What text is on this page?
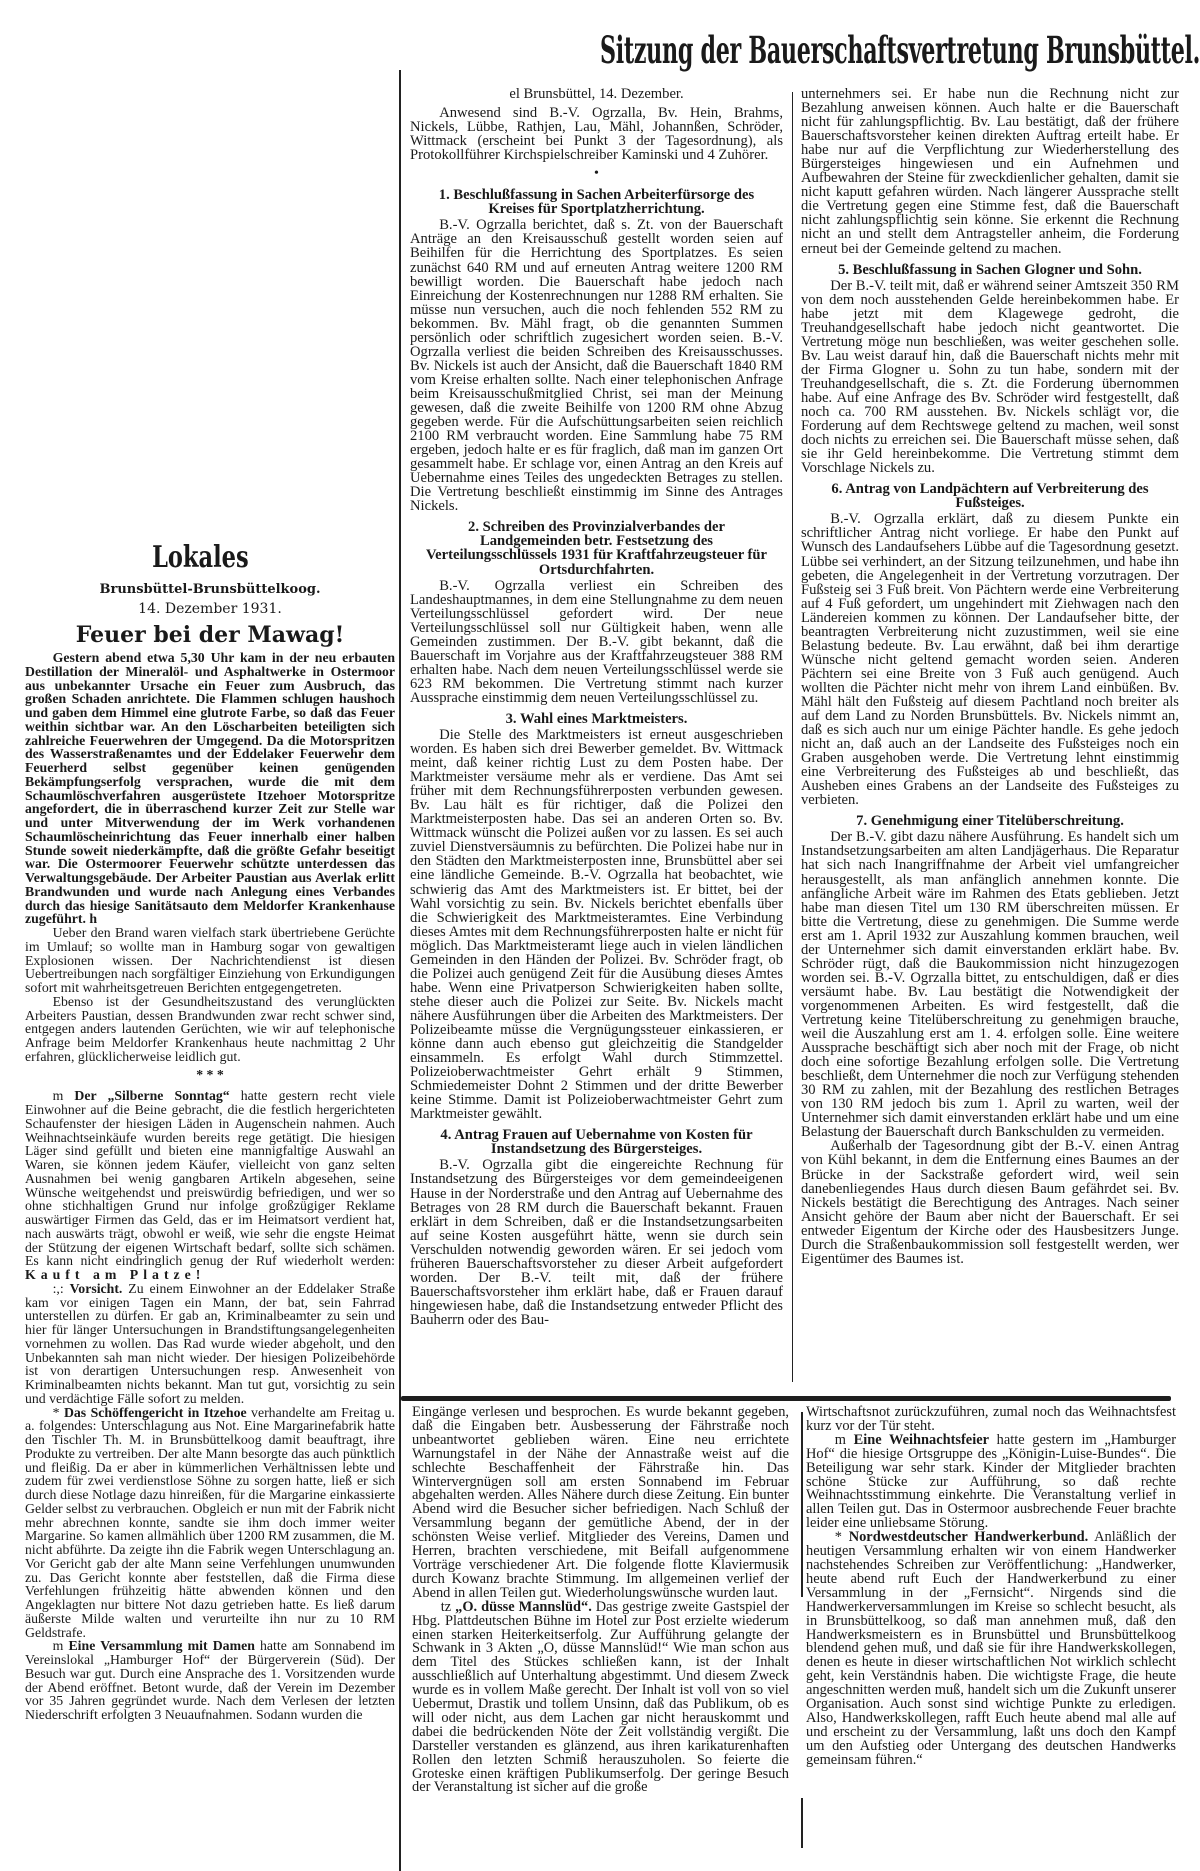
Sitzung der Bauerschaftsvertretung Brunsbüttel.
Lokales
Brunsbüttel-Brunsbüttelkoog.
14. Dezember 1931.
Feuer bei der Mawag!
Gestern abend etwa 5,30 Uhr kam in der neu erbauten Destillation der Mineralöl- und Asphaltwerke in Ostermoor aus unbekannter Ursache ein Feuer zum Ausbruch, das großen Schaden anrichtete. Die Flammen schlugen haushoch und gaben dem Himmel eine glutrote Farbe, so daß das Feuer weithin sichtbar war. An den Löscharbeiten beteiligten sich zahlreiche Feuerwehren der Umgegend. Da die Motorspritzen des Wasserstraßenamtes und der Eddelaker Feuerwehr dem Feuerherd selbst gegenüber keinen genügenden Bekämpfungserfolg versprachen, wurde die mit dem Schaumlöschverfahren ausgerüstete Itzehoer Motorspritze angefordert, die in überraschend kurzer Zeit zur Stelle war und unter Mitverwendung der im Werk vorhandenen Schaumlöscheinrichtung das Feuer innerhalb einer halben Stunde soweit niederkämpfte, daß die größte Gefahr beseitigt war. Die Ostermoorer Feuerwehr schützte unterdessen das Verwaltungsgebäude. Der Arbeiter Paustian aus Averlak erlitt Brandwunden und wurde nach Anlegung eines Verbandes durch das hiesige Sanitätsauto dem Meldorfer Krankenhause zugeführt. h
Ueber den Brand waren vielfach stark übertriebene Gerüchte im Umlauf; so wollte man in Hamburg sogar von gewaltigen Explosionen wissen. Der Nachrichtendienst ist diesen Uebertreibungen nach sorgfältiger Einziehung von Erkundigungen sofort mit wahrheitsgetreuen Berichten entgegengetreten.
Ebenso ist der Gesundheitszustand des verunglückten Arbeiters Paustian, dessen Brandwunden zwar recht schwer sind, entgegen anders lautenden Gerüchten, wie wir auf telephonische Anfrage beim Meldorfer Krankenhaus heute nachmittag 2 Uhr erfahren, glücklicherweise leidlich gut.
* * *
m Der „Silberne Sonntag“ hatte gestern recht viele Einwohner auf die Beine gebracht, die die festlich hergerichteten Schaufenster der hiesigen Läden in Augenschein nahmen. Auch Weihnachtseinkäufe wurden bereits rege getätigt. Die hiesigen Läger sind gefüllt und bieten eine mannigfaltige Auswahl an Waren, sie können jedem Käufer, vielleicht von ganz selten Ausnahmen bei wenig gangbaren Artikeln abgesehen, seine Wünsche weitgehendst und preiswürdig befriedigen, und wer so ohne stichhaltigen Grund nur infolge großzügiger Reklame auswärtiger Firmen das Geld, das er im Heimatsort verdient hat, nach auswärts trägt, obwohl er weiß, wie sehr die engste Heimat der Stützung der eigenen Wirtschaft bedarf, sollte sich schämen. Es kann nicht eindringlich genug der Ruf wiederholt werden: Kauft am Platze!
:,: Vorsicht. Zu einem Einwohner an der Eddelaker Straße kam vor einigen Tagen ein Mann, der bat, sein Fahrrad unterstellen zu dürfen. Er gab an, Kriminalbeamter zu sein und hier für länger Untersuchungen in Brandstiftungsangelegenheiten vornehmen zu wollen. Das Rad wurde wieder abgeholt, und den Unbekannten sah man nicht wieder. Der hiesigen Polizeibehörde ist von derartigen Untersuchungen resp. Anwesenheit von Kriminalbeamten nichts bekannt. Man tut gut, vorsichtig zu sein und verdächtige Fälle sofort zu melden.
* Das Schöffengericht in Itzehoe verhandelte am Freitag u. a. folgendes: Unterschlagung aus Not. Eine Margarinefabrik hatte den Tischler Th. M. in Brunsbüttelkoog damit beauftragt, ihre Produkte zu vertreiben. Der alte Mann besorgte das auch pünktlich und fleißig. Da er aber in kümmerlichen Verhältnissen lebte und zudem für zwei verdienstlose Söhne zu sorgen hatte, ließ er sich durch diese Notlage dazu hinreißen, für die Margarine einkassierte Gelder selbst zu verbrauchen. Obgleich er nun mit der Fabrik nicht mehr abrechnen konnte, sandte sie ihm doch immer weiter Margarine. So kamen allmählich über 1200 RM zusammen, die M. nicht abführte. Da zeigte ihn die Fabrik wegen Unterschlagung an. Vor Gericht gab der alte Mann seine Verfehlungen unumwunden zu. Das Gericht konnte aber feststellen, daß die Firma diese Verfehlungen frühzeitig hätte abwenden können und den Angeklagten nur bittere Not dazu getrieben hatte. Es ließ darum äußerste Milde walten und verurteilte ihn nur zu 10 RM Geldstrafe.
m Eine Versammlung mit Damen hatte am Sonnabend im Vereinslokal „Hamburger Hof“ der Bürgerverein (Süd). Der Besuch war gut. Durch eine Ansprache des 1. Vorsitzenden wurde der Abend eröffnet. Betont wurde, daß der Verein im Dezember vor 35 Jahren gegründet wurde. Nach dem Verlesen der letzten Niederschrift erfolgten 3 Neuaufnahmen. Sodann wurden die
el Brunsbüttel, 14. Dezember.
Anwesend sind B.-V. Ogrzalla, Bv. Hein, Brahms, Nickels, Lübbe, Rathjen, Lau, Mähl, Johannßen, Schröder, Wittmack (erscheint bei Punkt 3 der Tagesordnung), als Protokollführer Kirchspielschreiber Kaminski und 4 Zuhörer.
•
1. Beschlußfassung in Sachen Arbeiterfürsorge des Kreises für Sportplatzherrichtung.
B.-V. Ogrzalla berichtet, daß s. Zt. von der Bauerschaft Anträge an den Kreisausschuß gestellt worden seien auf Beihilfen für die Herrichtung des Sportplatzes. Es seien zunächst 640 RM und auf erneuten Antrag weitere 1200 RM bewilligt worden. Die Bauerschaft habe jedoch nach Einreichung der Kostenrechnungen nur 1288 RM erhalten. Sie müsse nun versuchen, auch die noch fehlenden 552 RM zu bekommen. Bv. Mähl fragt, ob die genannten Summen persönlich oder schriftlich zugesichert worden seien. B.-V. Ogrzalla verliest die beiden Schreiben des Kreisausschusses. Bv. Nickels ist auch der Ansicht, daß die Bauerschaft 1840 RM vom Kreise erhalten sollte. Nach einer telephonischen Anfrage beim Kreisausschußmitglied Christ, sei man der Meinung gewesen, daß die zweite Beihilfe von 1200 RM ohne Abzug gegeben werde. Für die Aufschüttungsarbeiten seien reichlich 2100 RM verbraucht worden. Eine Sammlung habe 75 RM ergeben, jedoch halte er es für fraglich, daß man im ganzen Ort gesammelt habe. Er schlage vor, einen Antrag an den Kreis auf Uebernahme eines Teiles des ungedeckten Betrages zu stellen. Die Vertretung beschließt einstimmig im Sinne des Antrages Nickels.
2. Schreiben des Provinzialverbandes der Landgemeinden betr. Festsetzung des Verteilungsschlüssels 1931 für Kraftfahrzeugsteuer für Ortsdurchfahrten.
B.-V. Ogrzalla verliest ein Schreiben des Landeshauptmannes, in dem eine Stellungnahme zu dem neuen Verteilungsschlüssel gefordert wird. Der neue Verteilungsschlüssel soll nur Gültigkeit haben, wenn alle Gemeinden zustimmen. Der B.-V. gibt bekannt, daß die Bauerschaft im Vorjahre aus der Kraftfahrzeugsteuer 388 RM erhalten habe. Nach dem neuen Verteilungsschlüssel werde sie 623 RM bekommen. Die Vertretung stimmt nach kurzer Aussprache einstimmig dem neuen Verteilungsschlüssel zu.
3. Wahl eines Marktmeisters.
Die Stelle des Marktmeisters ist erneut ausgeschrieben worden. Es haben sich drei Bewerber gemeldet. Bv. Wittmack meint, daß keiner richtig Lust zu dem Posten habe. Der Marktmeister versäume mehr als er verdiene. Das Amt sei früher mit dem Rechnungsführerposten verbunden gewesen. Bv. Lau hält es für richtiger, daß die Polizei den Marktmeisterposten habe. Das sei an anderen Orten so. Bv. Wittmack wünscht die Polizei außen vor zu lassen. Es sei auch zuviel Dienstversäumnis zu befürchten. Die Polizei habe nur in den Städten den Marktmeisterposten inne, Brunsbüttel aber sei eine ländliche Gemeinde. B.-V. Ogrzalla hat beobachtet, wie schwierig das Amt des Marktmeisters ist. Er bittet, bei der Wahl vorsichtig zu sein. Bv. Nickels berichtet ebenfalls über die Schwierigkeit des Marktmeisteramtes. Eine Verbindung dieses Amtes mit dem Rechnungsführerposten halte er nicht für möglich. Das Marktmeisteramt liege auch in vielen ländlichen Gemeinden in den Händen der Polizei. Bv. Schröder fragt, ob die Polizei auch genügend Zeit für die Ausübung dieses Amtes habe. Wenn eine Privatperson Schwierigkeiten haben sollte, stehe dieser auch die Polizei zur Seite. Bv. Nickels macht nähere Ausführungen über die Arbeiten des Marktmeisters. Der Polizeibeamte müsse die Vergnügungssteuer einkassieren, er könne dann auch ebenso gut gleichzeitig die Standgelder einsammeln. Es erfolgt Wahl durch Stimmzettel. Polizeioberwachtmeister Gehrt erhält 9 Stimmen, Schmiedemeister Dohnt 2 Stimmen und der dritte Bewerber keine Stimme. Damit ist Polizeioberwachtmeister Gehrt zum Marktmeister gewählt.
4. Antrag Frauen auf Uebernahme von Kosten für Instandsetzung des Bürgersteiges.
B.-V. Ogrzalla gibt die eingereichte Rechnung für Instandsetzung des Bürgersteiges vor dem gemeindeeigenen Hause in der Norderstraße und den Antrag auf Uebernahme des Betrages von 28 RM durch die Bauerschaft bekannt. Frauen erklärt in dem Schreiben, daß er die Instandsetzungsarbeiten auf seine Kosten ausgeführt hätte, wenn sie durch sein Verschulden notwendig geworden wären. Er sei jedoch vom früheren Bauerschaftsvorsteher zu dieser Arbeit aufgefordert worden. Der B.-V. teilt mit, daß der frühere Bauerschaftsvorsteher ihm erklärt habe, daß er Frauen darauf hingewiesen habe, daß die Instandsetzung entweder Pflicht des Bauherrn oder des Bau-
unternehmers sei. Er habe nun die Rechnung nicht zur Bezahlung anweisen können. Auch halte er die Bauerschaft nicht für zahlungspflichtig. Bv. Lau bestätigt, daß der frühere Bauerschaftsvorsteher keinen direkten Auftrag erteilt habe. Er habe nur auf die Verpflichtung zur Wiederherstellung des Bürgersteiges hingewiesen und ein Aufnehmen und Aufbewahren der Steine für zweckdienlicher gehalten, damit sie nicht kaputt gefahren würden. Nach längerer Aussprache stellt die Vertretung gegen eine Stimme fest, daß die Bauerschaft nicht zahlungspflichtig sein könne. Sie erkennt die Rechnung nicht an und stellt dem Antragsteller anheim, die Forderung erneut bei der Gemeinde geltend zu machen.
5. Beschlußfassung in Sachen Glogner und Sohn.
Der B.-V. teilt mit, daß er während seiner Amtszeit 350 RM von dem noch ausstehenden Gelde hereinbekommen habe. Er habe jetzt mit dem Klagewege gedroht, die Treuhandgesellschaft habe jedoch nicht geantwortet. Die Vertretung möge nun beschließen, was weiter geschehen solle. Bv. Lau weist darauf hin, daß die Bauerschaft nichts mehr mit der Firma Glogner u. Sohn zu tun habe, sondern mit der Treuhandgesellschaft, die s. Zt. die Forderung übernommen habe. Auf eine Anfrage des Bv. Schröder wird festgestellt, daß noch ca. 700 RM ausstehen. Bv. Nickels schlägt vor, die Forderung auf dem Rechtswege geltend zu machen, weil sonst doch nichts zu erreichen sei. Die Bauerschaft müsse sehen, daß sie ihr Geld hereinbekomme. Die Vertretung stimmt dem Vorschlage Nickels zu.
6. Antrag von Landpächtern auf Verbreiterung des Fußsteiges.
B.-V. Ogrzalla erklärt, daß zu diesem Punkte ein schriftlicher Antrag nicht vorliege. Er habe den Punkt auf Wunsch des Landaufsehers Lübbe auf die Tagesordnung gesetzt. Lübbe sei verhindert, an der Sitzung teilzunehmen, und habe ihn gebeten, die Angelegenheit in der Vertretung vorzutragen. Der Fußsteig sei 3 Fuß breit. Von Pächtern werde eine Verbreiterung auf 4 Fuß gefordert, um ungehindert mit Ziehwagen nach den Ländereien kommen zu können. Der Landaufseher bitte, der beantragten Verbreiterung nicht zuzustimmen, weil sie eine Belastung bedeute. Bv. Lau erwähnt, daß bei ihm derartige Wünsche nicht geltend gemacht worden seien. Anderen Pächtern sei eine Breite von 3 Fuß auch genügend. Auch wollten die Pächter nicht mehr von ihrem Land einbüßen. Bv. Mähl hält den Fußsteig auf diesem Pachtland noch breiter als auf dem Land zu Norden Brunsbüttels. Bv. Nickels nimmt an, daß es sich auch nur um einige Pächter handle. Es gehe jedoch nicht an, daß auch an der Landseite des Fußsteiges noch ein Graben ausgehoben werde. Die Vertretung lehnt einstimmig eine Verbreiterung des Fußsteiges ab und beschließt, das Ausheben eines Grabens an der Landseite des Fußsteiges zu verbieten.
7. Genehmigung einer Titelüberschreitung.
Der B.-V. gibt dazu nähere Ausführung. Es handelt sich um Instandsetzungsarbeiten am alten Landjägerhaus. Die Reparatur hat sich nach Inangriffnahme der Arbeit viel umfangreicher herausgestellt, als man anfänglich annehmen konnte. Die anfängliche Arbeit wäre im Rahmen des Etats geblieben. Jetzt habe man diesen Titel um 130 RM überschreiten müssen. Er bitte die Vertretung, diese zu genehmigen. Die Summe werde erst am 1. April 1932 zur Auszahlung kommen brauchen, weil der Unternehmer sich damit einverstanden erklärt habe. Bv. Schröder rügt, daß die Baukommission nicht hinzugezogen worden sei. B.-V. Ogrzalla bittet, zu entschuldigen, daß er dies versäumt habe. Bv. Lau bestätigt die Notwendigkeit der vorgenommenen Arbeiten. Es wird festgestellt, daß die Vertretung keine Titelüberschreitung zu genehmigen brauche, weil die Auszahlung erst am 1. 4. erfolgen solle. Eine weitere Aussprache beschäftigt sich aber noch mit der Frage, ob nicht doch eine sofortige Bezahlung erfolgen solle. Die Vertretung beschließt, dem Unternehmer die noch zur Verfügung stehenden 30 RM zu zahlen, mit der Bezahlung des restlichen Betrages von 130 RM jedoch bis zum 1. April zu warten, weil der Unternehmer sich damit einverstanden erklärt habe und um eine Belastung der Bauerschaft durch Bankschulden zu vermeiden.
Außerhalb der Tagesordnung gibt der B.-V. einen Antrag von Kühl bekannt, in dem die Entfernung eines Baumes an der Brücke in der Sackstraße gefordert wird, weil sein danebenliegendes Haus durch diesen Baum gefährdet sei. Bv. Nickels bestätigt die Berechtigung des Antrages. Nach seiner Ansicht gehöre der Baum aber nicht der Bauerschaft. Er sei entweder Eigentum der Kirche oder des Hausbesitzers Junge. Durch die Straßenbaukommission soll festgestellt werden, wer Eigentümer des Baumes ist.
Eingänge verlesen und besprochen. Es wurde bekannt gegeben, daß die Eingaben betr. Ausbesserung der Fährstraße noch unbeantwortet geblieben wären. Eine neu errichtete Warnungstafel in der Nähe der Annastraße weist auf die schlechte Beschaffenheit der Fährstraße hin. Das Wintervergnügen soll am ersten Sonnabend im Februar abgehalten werden. Alles Nähere durch diese Zeitung. Ein bunter Abend wird die Besucher sicher befriedigen. Nach Schluß der Versammlung begann der gemütliche Abend, der in der schönsten Weise verlief. Mitglieder des Vereins, Damen und Herren, brachten verschiedene, mit Beifall aufgenommene Vorträge verschiedener Art. Die folgende flotte Klaviermusik durch Kowanz brachte Stimmung. Im allgemeinen verlief der Abend in allen Teilen gut. Wiederholungswünsche wurden laut.
tz „O. düsse Mannslüd“. Das gestrige zweite Gastspiel der Hbg. Plattdeutschen Bühne im Hotel zur Post erzielte wiederum einen starken Heiterkeitserfolg. Zur Aufführung gelangte der Schwank in 3 Akten „O, düsse Mannslüd!“ Wie man schon aus dem Titel des Stückes schließen kann, ist der Inhalt ausschließlich auf Unterhaltung abgestimmt. Und diesem Zweck wurde es in vollem Maße gerecht. Der Inhalt ist voll von so viel Uebermut, Drastik und tollem Unsinn, daß das Publikum, ob es will oder nicht, aus dem Lachen gar nicht herauskommt und dabei die bedrückenden Nöte der Zeit vollständig vergißt. Die Darsteller verstanden es glänzend, aus ihren karikaturenhaften Rollen den letzten Schmiß herauszuholen. So feierte die Groteske einen kräftigen Publikumserfolg. Der geringe Besuch der Veranstaltung ist sicher auf die große
Wirtschaftsnot zurückzuführen, zumal noch das Weihnachtsfest kurz vor der Tür steht.
m Eine Weihnachtsfeier hatte gestern im „Hamburger Hof“ die hiesige Ortsgruppe des „Königin-Luise-Bundes“. Die Beteiligung war sehr stark. Kinder der Mitglieder brachten schöne Stücke zur Aufführung, so daß rechte Weihnachtsstimmung einkehrte. Die Veranstaltung verlief in allen Teilen gut. Das in Ostermoor ausbrechende Feuer brachte leider eine unliebsame Störung.
* Nordwestdeutscher Handwerkerbund. Anläßlich der heutigen Versammlung erhalten wir von einem Handwerker nachstehendes Schreiben zur Veröffentlichung: „Handwerker, heute abend ruft Euch der Handwerkerbund zu einer Versammlung in der „Fernsicht“. Nirgends sind die Handwerkerversammlungen im Kreise so schlecht besucht, als in Brunsbüttelkoog, so daß man annehmen muß, daß den Handwerksmeistern es in Brunsbüttel und Brunsbüttelkoog blendend gehen muß, und daß sie für ihre Handwerkskollegen, denen es heute in dieser wirtschaftlichen Not wirklich schlecht geht, kein Verständnis haben. Die wichtigste Frage, die heute angeschnitten werden muß, handelt sich um die Zukunft unserer Organisation. Auch sonst sind wichtige Punkte zu erledigen. Also, Handwerkskollegen, rafft Euch heute abend mal alle auf und erscheint zu der Versammlung, laßt uns doch den Kampf um den Aufstieg oder Untergang des deutschen Handwerks gemeinsam führen.“
